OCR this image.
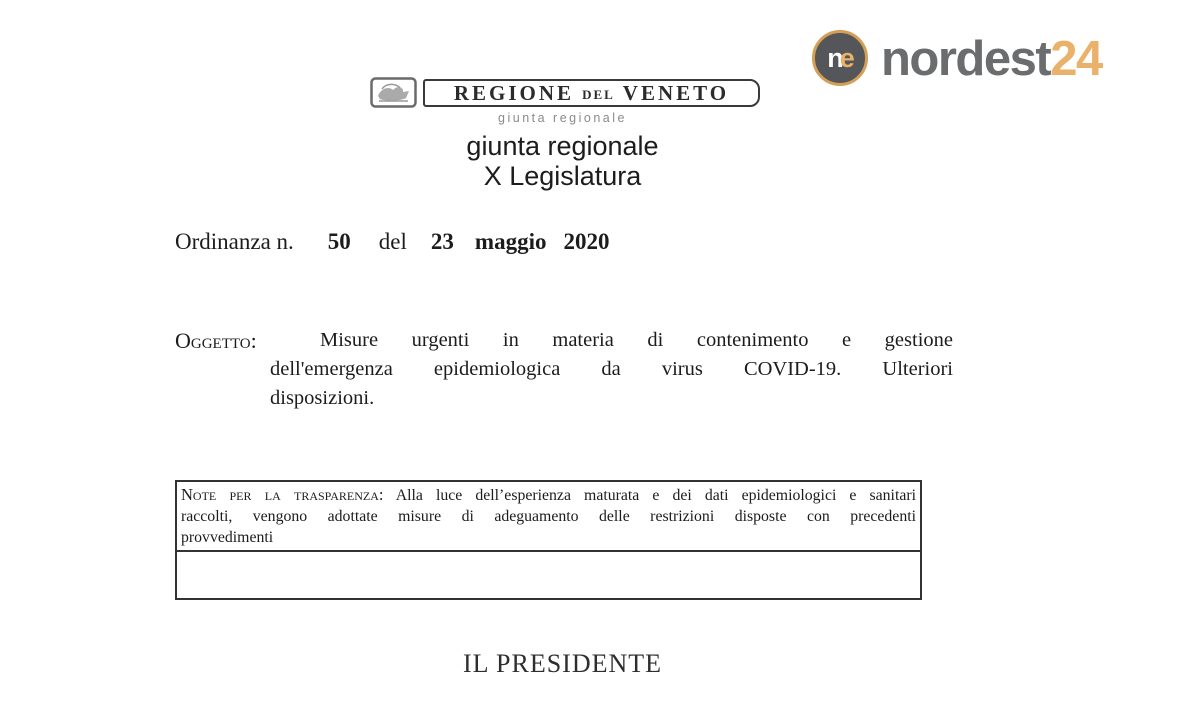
n
e nordest24
REGIONE DEL VENETO
giunta regionale
giunta regionale
X Legislatura
Ordinanza n. 50 del 23 maggio 2020
Oggetto:	Misure urgenti in materia di contenimento e gestione
dell'emergenza epidemiologica da virus COVID-19. Ulteriori
disposizioni.
Note per la trasparenza: Alla luce dell’esperienza maturata e dei dati epidemiologici e sanitari
raccolti, vengono adottate misure di adeguamento delle restrizioni disposte con precedenti
provvedimenti
IL PRESIDENTE
